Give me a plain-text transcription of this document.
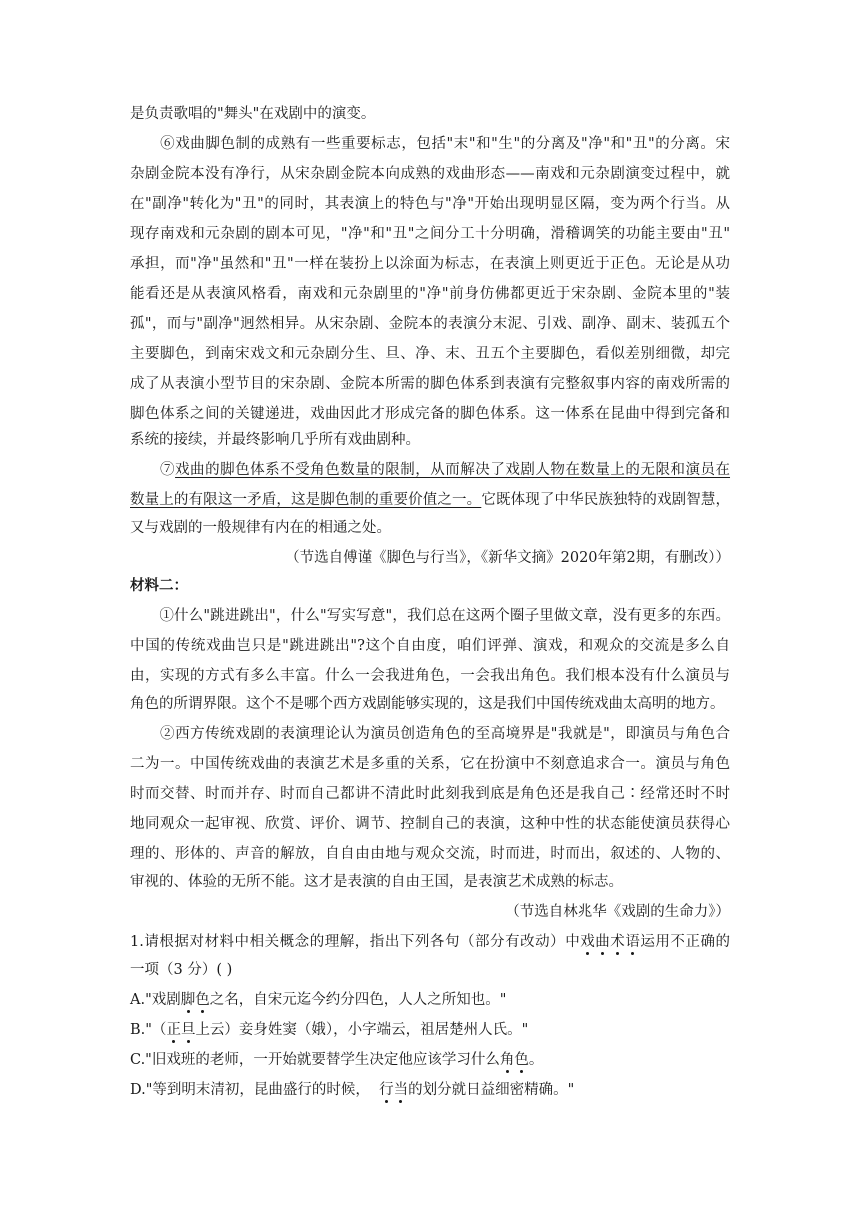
是负责歌唱的"舞头"在戏剧中的演变。
　　⑥戏曲脚色制的成熟有一些重要标志，包括"末"和"生"的分离及"净"和"丑"的分离。宋
杂剧金院本没有净行，从宋杂剧金院本向成熟的戏曲形态——南戏和元杂剧演变过程中，就
在"副净"转化为"丑"的同时，其表演上的特色与"净"开始出现明显区隔，变为两个行当。从
现存南戏和元杂剧的剧本可见，"净"和"丑"之间分工十分明确，滑稽调笑的功能主要由"丑"
承担，而"净"虽然和"丑"一样在装扮上以涂面为标志，在表演上则更近于正色。无论是从功
能看还是从表演风格看，南戏和元杂剧里的"净"前身仿佛都更近于宋杂剧、金院本里的"装
孤"，而与"副净"迥然相异。从宋杂剧、金院本的表演分末泥、引戏、副净、副末、装孤五个
主要脚色，到南宋戏文和元杂剧分生、旦、净、末、丑五个主要脚色，看似差别细微，却完
成了从表演小型节目的宋杂剧、金院本所需的脚色体系到表演有完整叙事内容的南戏所需的
脚色体系之间的关键递进，戏曲因此才形成完备的脚色体系。这一体系在昆曲中得到完备和
系统的接续，并最终影响几乎所有戏曲剧种。
　　⑦戏曲的脚色体系不受角色数量的限制，从而解决了戏剧人物在数量上的无限和演员在
数量上的有限这一矛盾，这是脚色制的重要价值之一。它既体现了中华民族独特的戏剧智慧，
又与戏剧的一般规律有内在的相通之处。
（节选自傅谨《脚色与行当》，《新华文摘》2020年第2期，有删改））
材料二：
　　①什么"跳进跳出"，什么"写实写意"，我们总在这两个圈子里做文章，没有更多的东西。
中国的传统戏曲岂只是"跳进跳出"?这个自由度，咱们评弹、演戏，和观众的交流是多么自
由，实现的方式有多么丰富。什么一会我进角色，一会我出角色。我们根本没有什么演员与
角色的所谓界限。这个不是哪个西方戏剧能够实现的，这是我们中国传统戏曲太高明的地方。
　　②西方传统戏剧的表演理论认为演员创造角色的至高境界是"我就是"，即演员与角色合
二为一。中国传统戏曲的表演艺术是多重的关系，它在扮演中不刻意追求合一。演员与角色
时而交替、时而并存、时而自己都讲不清此时此刻我到底是角色还是我自己∶经常还时不时
地同观众一起审视、欣赏、评价、调节、控制自己的表演，这种中性的状态能使演员获得心
理的、形体的、声音的解放，自自由由地与观众交流，时而进，时而出，叙述的、人物的、
审视的、体验的无所不能。这才是表演的自由王国，是表演艺术成熟的标志。
（节选自林兆华《戏剧的生命力》）
1.请根据对材料中相关概念的理解，指出下列各句（部分有改动）中戏曲术语运用不正确的
一项（3 分）( )
A."戏剧脚色之名，自宋元迄今约分四色，人人之所知也。"
B."（正旦上云）妾身姓窦（娥），小字端云，祖居楚州人氏。"
C."旧戏班的老师，一开始就要替学生决定他应该学习什么角色。
D."等到明末清初，昆曲盛行的时候，  行当的划分就日益细密精确。"
